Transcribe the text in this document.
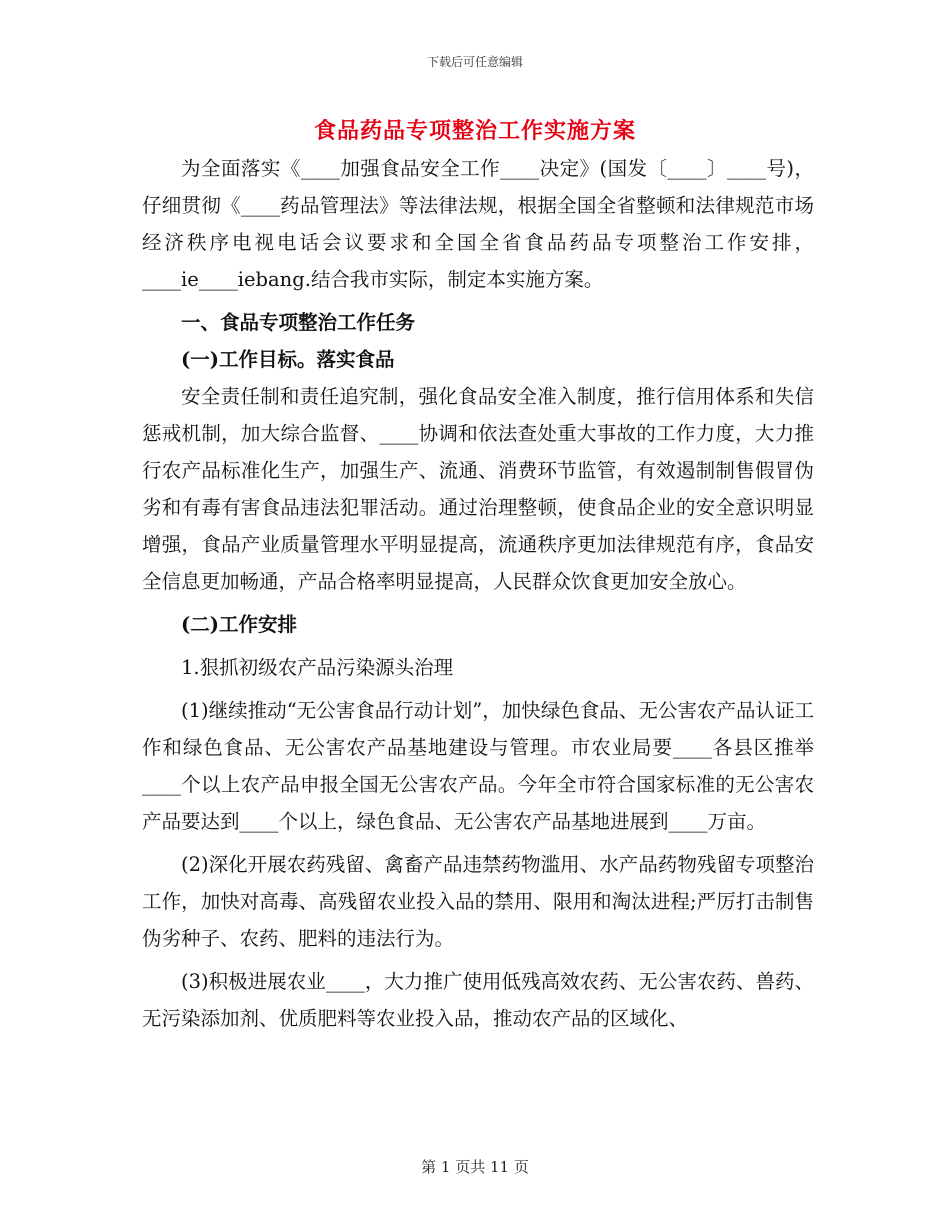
下载后可任意编辑
食品药品专项整治工作实施方案

为全面落实《____加强食品安全工作____决定》(国发〔____〕____号)，仔细贯彻《____药品管理法》等法律法规，根据全国全省整顿和法律规范市场经济秩序电视电话会议要求和全国全省食品药品专项整治工作安排，____ie____iebang.结合我市实际，制定本实施方案。

一、食品专项整治工作任务

(一)工作目标。落实食品

安全责任制和责任追究制，强化食品安全准入制度，推行信用体系和失信惩戒机制，加大综合监督、____协调和依法查处重大事故的工作力度，大力推行农产品标准化生产，加强生产、流通、消费环节监管，有效遏制制售假冒伪劣和有毒有害食品违法犯罪活动。通过治理整顿，使食品企业的安全意识明显增强，食品产业质量管理水平明显提高，流通秩序更加法律规范有序，食品安全信息更加畅通，产品合格率明显提高，人民群众饮食更加安全放心。

(二)工作安排

1.狠抓初级农产品污染源头治理

(1)继续推动“无公害食品行动计划”，加快绿色食品、无公害农产品认证工作和绿色食品、无公害农产品基地建设与管理。市农业局要____各县区推举____个以上农产品申报全国无公害农产品。今年全市符合国家标准的无公害农产品要达到____个以上，绿色食品、无公害农产品基地进展到____万亩。

(2)深化开展农药残留、禽畜产品违禁药物滥用、水产品药物残留专项整治工作，加快对高毒、高残留农业投入品的禁用、限用和淘汰进程;严厉打击制售伪劣种子、农药、肥料的违法行为。

(3)积极进展农业____，大力推广使用低残高效农药、无公害农药、兽药、无污染添加剂、优质肥料等农业投入品，推动农产品的区域化、

第 1 页共 11 页
